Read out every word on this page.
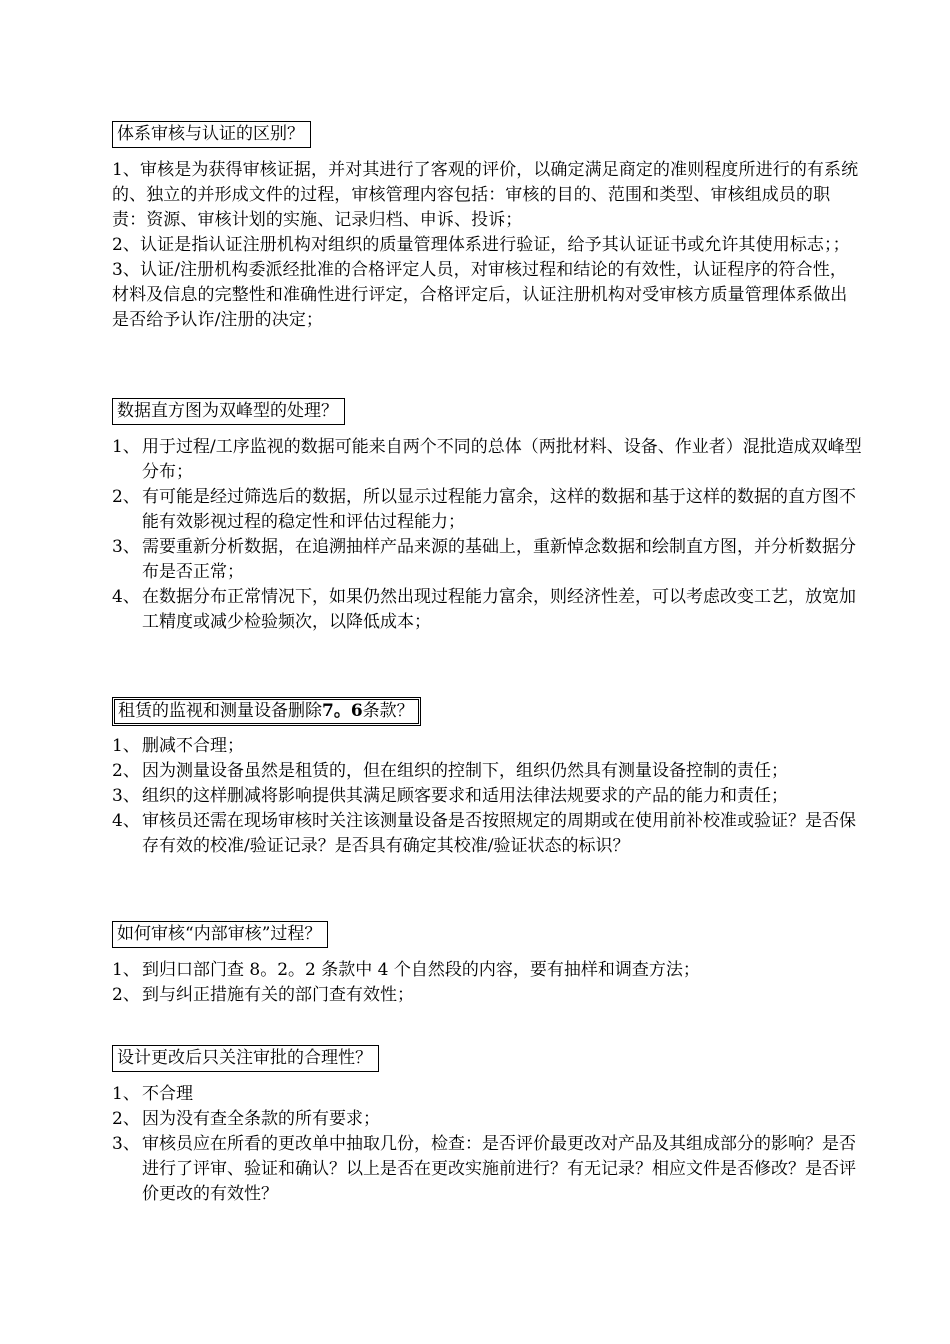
体系审核与认证的区别？

1、审核是为获得审核证据，并对其进行了客观的评价，以确定满足商定的准则程度所进行的有系统的、独立的并形成文件的过程，审核管理内容包括：审核的目的、范围和类型、审核组成员的职责：资源、审核计划的实施、记录归档、申诉、投诉；

2、认证是指认证注册机构对组织的质量管理体系进行验证，给予其认证证书或允许其使用标志；；

3、认证/注册机构委派经批准的合格评定人员，对审核过程和结论的有效性，认证程序的符合性，材料及信息的完整性和准确性进行评定，合格评定后，认证注册机构对受审核方质量管理体系做出是否给予认诈/注册的决定；

数据直方图为双峰型的处理？

1、 用于过程/工序监视的数据可能来自两个不同的总体（两批材料、设备、作业者）混批造成双峰型分布；

2、 有可能是经过筛选后的数据，所以显示过程能力富余，这样的数据和基于这样的数据的直方图不能有效影视过程的稳定性和评估过程能力；

3、 需要重新分析数据，在追溯抽样产品来源的基础上，重新悼念数据和绘制直方图，并分析数据分布是否正常；

4、 在数据分布正常情况下，如果仍然出现过程能力富余，则经济性差，可以考虑改变工艺，放宽加工精度或减少检验频次，以降低成本；

租赁的监视和测量设备删除7。6条款？

1、 删减不合理；

2、 因为测量设备虽然是租赁的，但在组织的控制下，组织仍然具有测量设备控制的责任；

3、 组织的这样删减将影响提供其满足顾客要求和适用法律法规要求的产品的能力和责任；

4、 审核员还需在现场审核时关注该测量设备是否按照规定的周期或在使用前补校准或验证？是否保存有效的校准/验证记录？是否具有确定其校准/验证状态的标识？

如何审核“内部审核”过程？

1、 到归口部门查 8。2。2 条款中 4 个自然段的内容，要有抽样和调查方法；

2、 到与纠正措施有关的部门查有效性；

设计更改后只关注审批的合理性？

1、 不合理

2、 因为没有查全条款的所有要求；

3、 审核员应在所看的更改单中抽取几份，检查：是否评价最更改对产品及其组成部分的影响？是否进行了评审、验证和确认？以上是否在更改实施前进行？有无记录？相应文件是否修改？是否评价更改的有效性？
